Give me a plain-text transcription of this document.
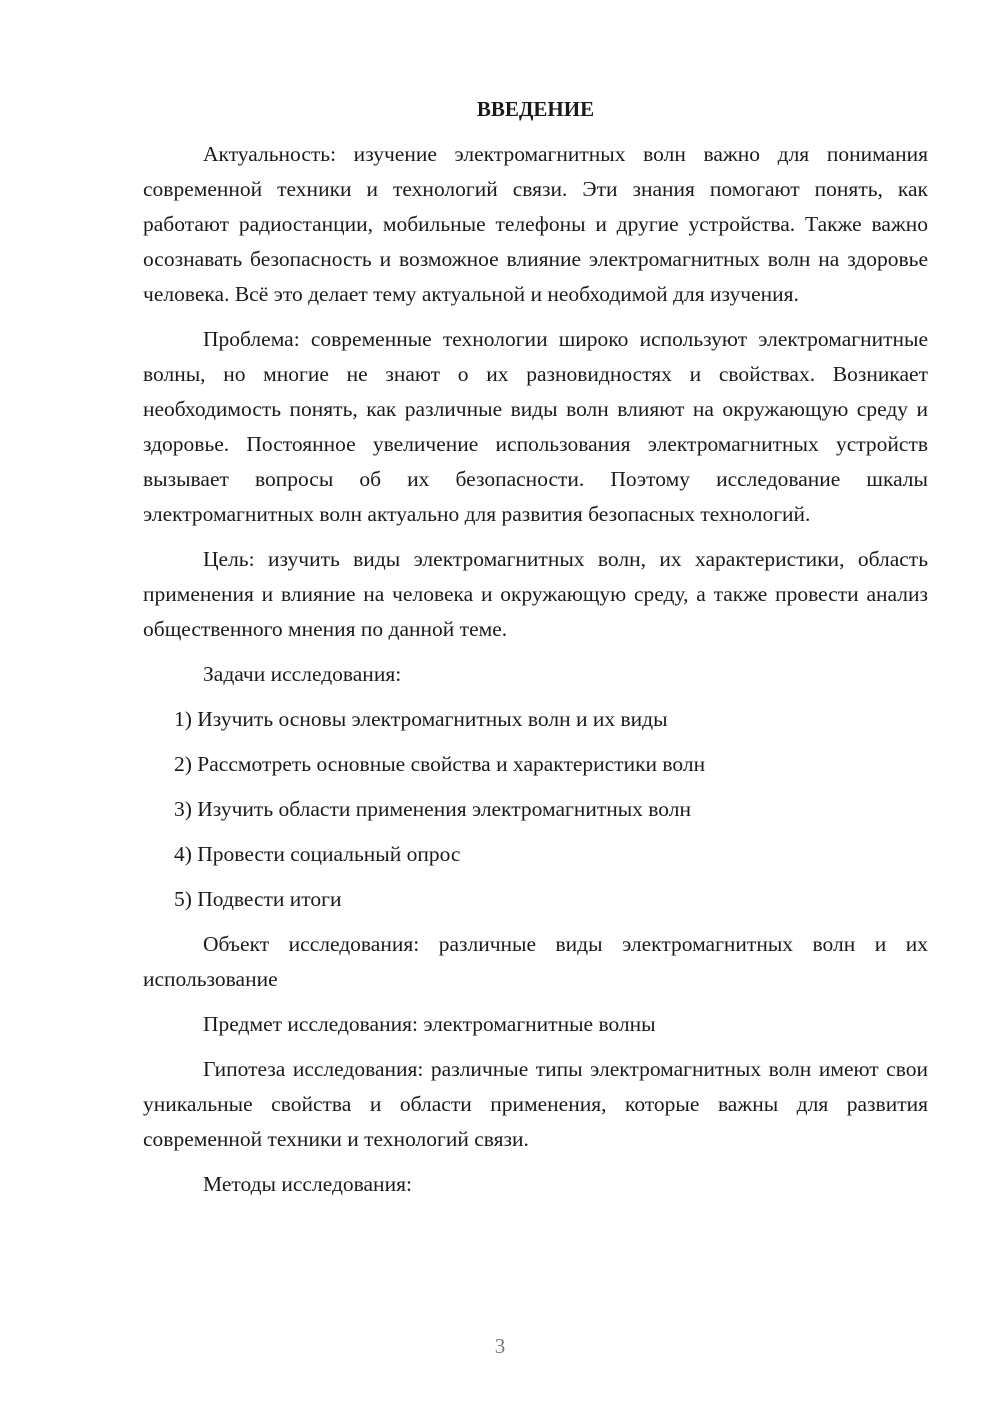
ВВЕДЕНИЕ

Актуальность: изучение электромагнитных волн важно для понимания современной техники и технологий связи. Эти знания помогают понять, как работают радиостанции, мобильные телефоны и другие устройства. Также важно осознавать безопасность и возможное влияние электромагнитных волн на здоровье человека. Всё это делает тему актуальной и необходимой для изучения.

Проблема: современные технологии широко используют электромагнитные волны, но многие не знают о их разновидностях и свойствах. Возникает необходимость понять, как различные виды волн влияют на окружающую среду и здоровье. Постоянное увеличение использования электромагнитных устройств вызывает вопросы об их безопасности. Поэтому исследование шкалы электромагнитных волн актуально для развития безопасных технологий.

Цель: изучить виды электромагнитных волн, их характеристики, область применения и влияние на человека и окружающую среду, а также провести анализ общественного мнения по данной теме.

Задачи исследования:

1) Изучить основы электромагнитных волн и их виды
2) Рассмотреть основные свойства и характеристики волн
3) Изучить области применения электромагнитных волн
4) Провести социальный опрос
5) Подвести итоги

Объект исследования: различные виды электромагнитных волн и их использование

Предмет исследования: электромагнитные волны

Гипотеза исследования: различные типы электромагнитных волн имеют свои уникальные свойства и области применения, которые важны для развития современной техники и технологий связи.

Методы исследования:

3
